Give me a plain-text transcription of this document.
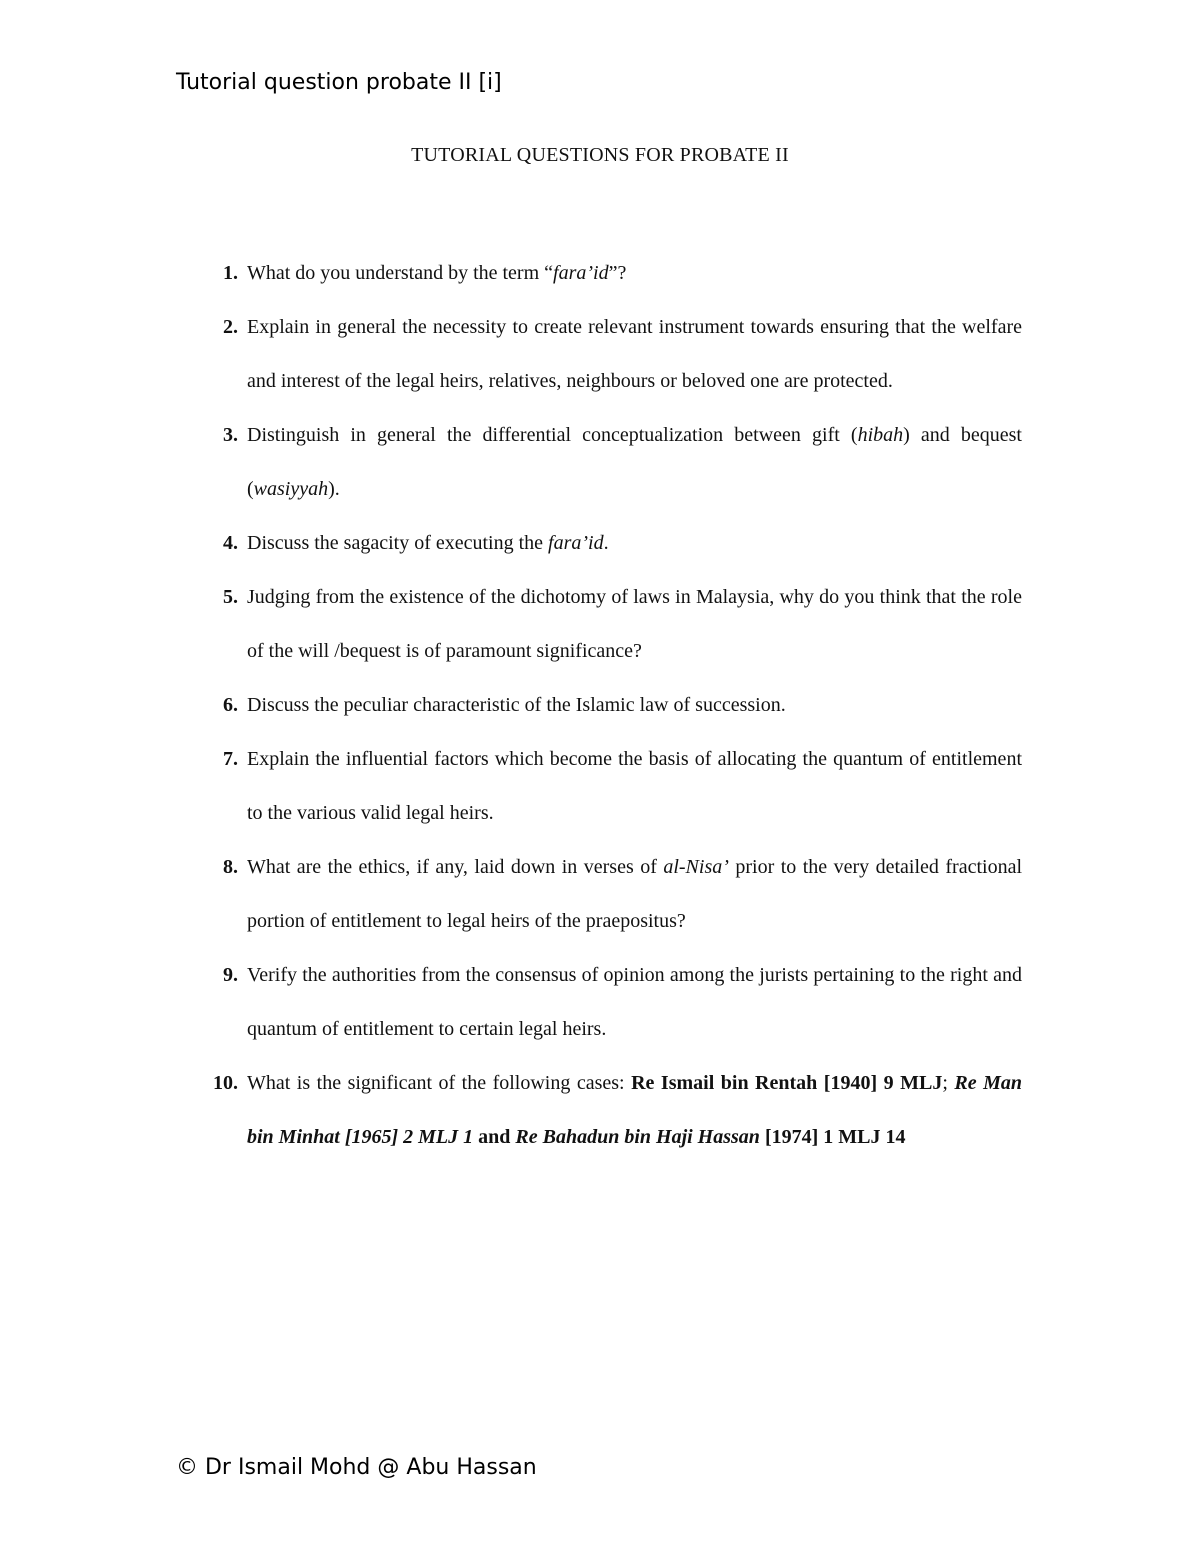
Tutorial question probate II [i]
TUTORIAL QUESTIONS FOR PROBATE II
1. What do you understand by the term “fara’id”?
2. Explain in general the necessity to create relevant instrument towards ensuring that the welfare and interest of the legal heirs, relatives, neighbours or beloved one are protected.
3. Distinguish in general the differential conceptualization between gift (hibah) and bequest (wasiyyah).
4. Discuss the sagacity of executing the fara’id.
5. Judging from the existence of the dichotomy of laws in Malaysia, why do you think that the role of the will /bequest is of paramount significance?
6. Discuss the peculiar characteristic of the Islamic law of succession.
7. Explain the influential factors which become the basis of allocating the quantum of entitlement to the various valid legal heirs.
8. What are the ethics, if any, laid down in verses of al-Nisa’ prior to the very detailed fractional portion of entitlement to legal heirs of the praepositus?
9. Verify the authorities from the consensus of opinion among the jurists pertaining to the right and quantum of entitlement to certain legal heirs.
10. What is the significant of the following cases: Re Ismail bin Rentah [1940] 9 MLJ; Re Man bin Minhat [1965] 2 MLJ 1 and Re Bahadun bin Haji Hassan [1974] 1 MLJ 14
© Dr Ismail Mohd @ Abu Hassan
